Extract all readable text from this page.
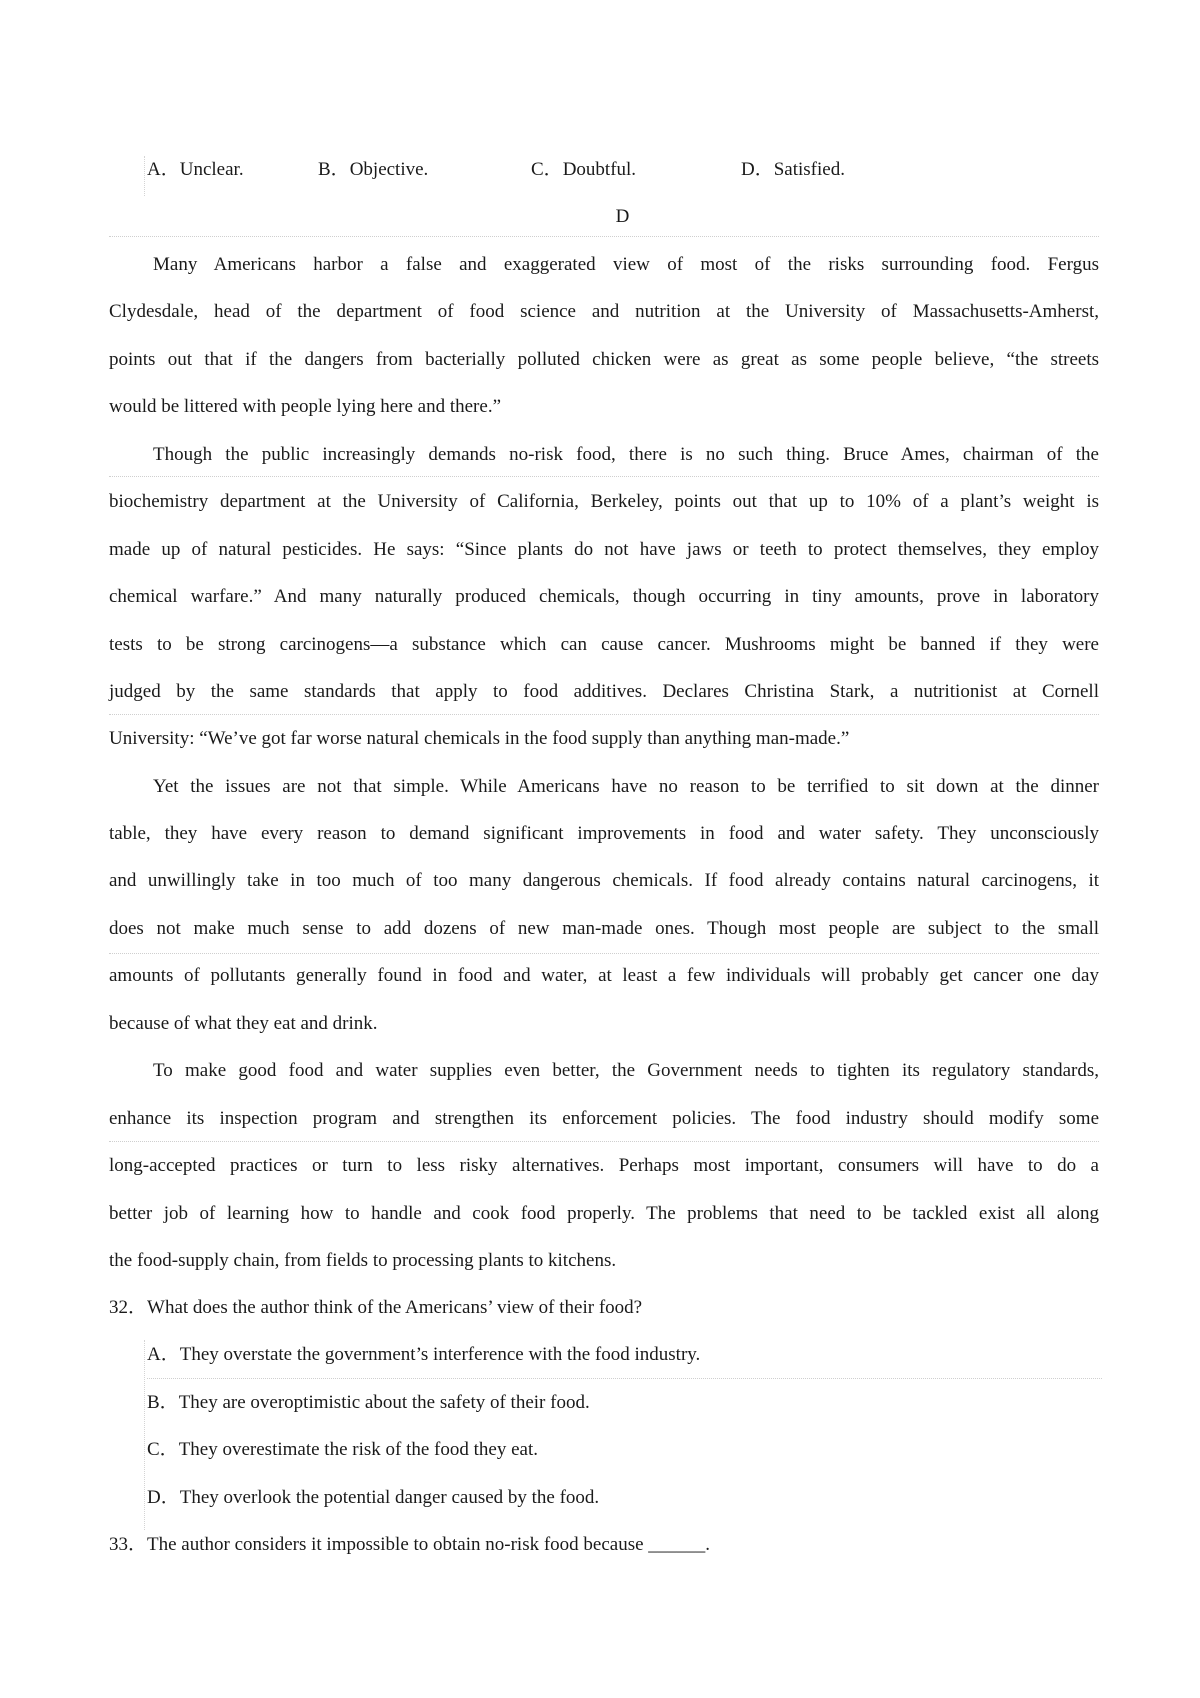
A．Unclear.	B．Objective.	C．Doubtful.	D．Satisfied.
D
Many Americans harbor a false and exaggerated view of most of the risks surrounding food. Fergus
Clydesdale, head of the department of food science and nutrition at the University of Massachusetts-Amherst,
points out that if the dangers from bacterially polluted chicken were as great as some people believe, “the streets
would be littered with people lying here and there.”
Though the public increasingly demands no-risk food, there is no such thing. Bruce Ames, chairman of the
biochemistry department at the University of California, Berkeley, points out that up to 10% of a plant’s weight is
made up of natural pesticides. He says: “Since plants do not have jaws or teeth to protect themselves, they employ
chemical warfare.” And many naturally produced chemicals, though occurring in tiny amounts, prove in laboratory
tests to be strong carcinogens—a substance which can cause cancer. Mushrooms might be banned if they were
judged by the same standards that apply to food additives. Declares Christina Stark, a nutritionist at Cornell
University: “We’ve got far worse natural chemicals in the food supply than anything man-made.”
Yet the issues are not that simple. While Americans have no reason to be terrified to sit down at the dinner
table, they have every reason to demand significant improvements in food and water safety. They unconsciously
and unwillingly take in too much of too many dangerous chemicals. If food already contains natural carcinogens, it
does not make much sense to add dozens of new man-made ones. Though most people are subject to the small
amounts of pollutants generally found in food and water, at least a few individuals will probably get cancer one day
because of what they eat and drink.
To make good food and water supplies even better, the Government needs to tighten its regulatory standards,
enhance its inspection program and strengthen its enforcement policies. The food industry should modify some
long-accepted practices or turn to less risky alternatives. Perhaps most important, consumers will have to do a
better job of learning how to handle and cook food properly. The problems that need to be tackled exist all along
the food-supply chain, from fields to processing plants to kitchens.
32．What does the author think of the Americans’ view of their food?
A．They overstate the government’s interference with the food industry.
B．They are overoptimistic about the safety of their food.
C．They overestimate the risk of the food they eat.
D．They overlook the potential danger caused by the food.
33．The author considers it impossible to obtain no-risk food because ______.
